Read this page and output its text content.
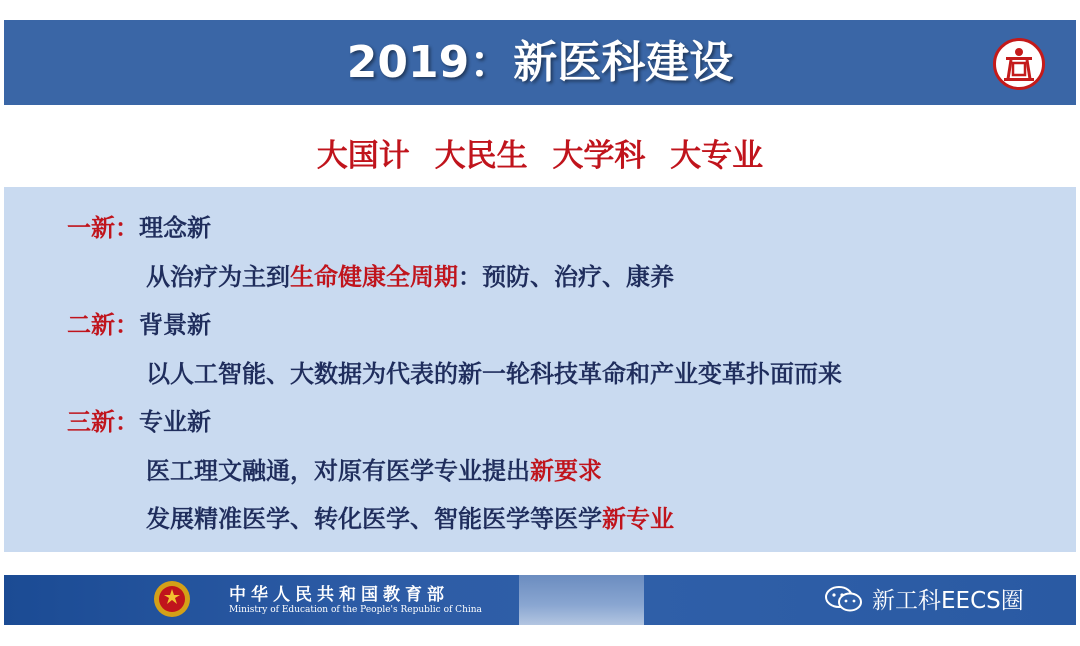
2019：新医科建设
大国计 大民生 大学科 大专业
一新：理念新
从治疗为主到生命健康全周期：预防、治疗、康养
二新：背景新
以人工智能、大数据为代表的新一轮科技革命和产业变革扑面而来
三新：专业新
医工理文融通，对原有医学专业提出新要求
发展精准医学、转化医学、智能医学等医学新专业
中华人民共和国教育部
Ministry of Education of the People's Republic of China	新工科EECS圈
